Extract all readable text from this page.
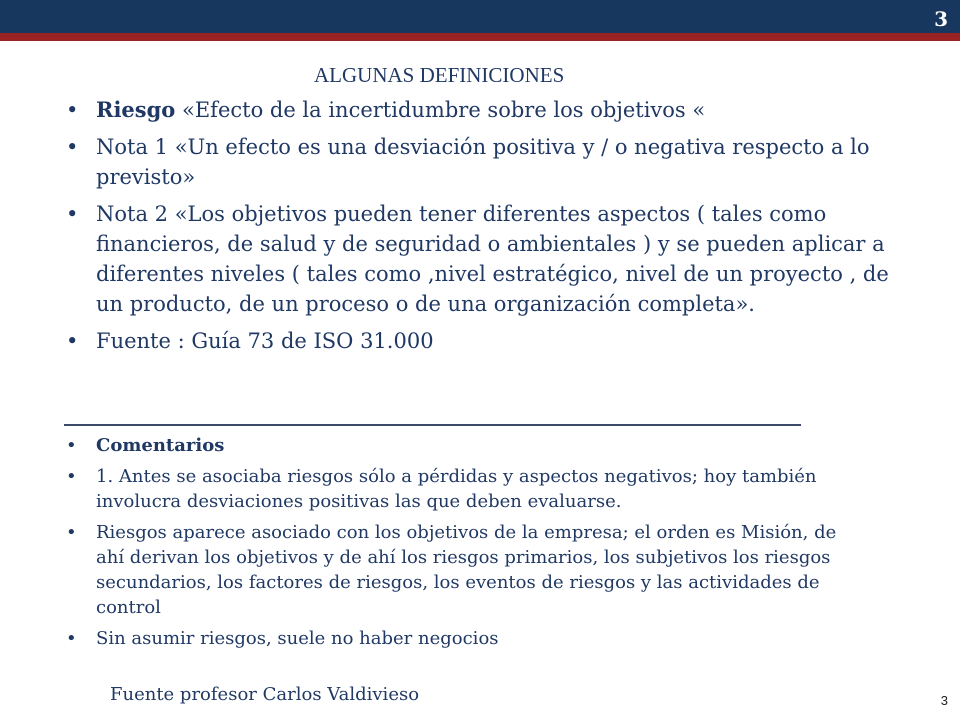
3
ALGUNAS DEFINICIONES
• Riesgo «Efecto de la incertidumbre sobre los objetivos «
• Nota 1 «Un efecto es una desviación positiva y / o negativa respecto a lo previsto»
• Nota 2 «Los objetivos pueden tener diferentes aspectos ( tales como financieros, de salud y de seguridad o ambientales ) y se pueden aplicar a diferentes niveles ( tales como ,nivel estratégico, nivel de un proyecto , de un producto, de un proceso o de una organización completa».
• Fuente : Guía 73 de ISO 31.000
• Comentarios
• 1. Antes se asociaba riesgos sólo a pérdidas y aspectos negativos; hoy también involucra desviaciones positivas las que deben evaluarse.
• Riesgos aparece asociado con los objetivos de la empresa; el orden es Misión, de ahí derivan los objetivos y de ahí los riesgos primarios, los subjetivos los riesgos secundarios, los factores de riesgos, los eventos de riesgos y las actividades de control
• Sin asumir riesgos, suele no haber negocios
Fuente profesor Carlos Valdivieso	3
